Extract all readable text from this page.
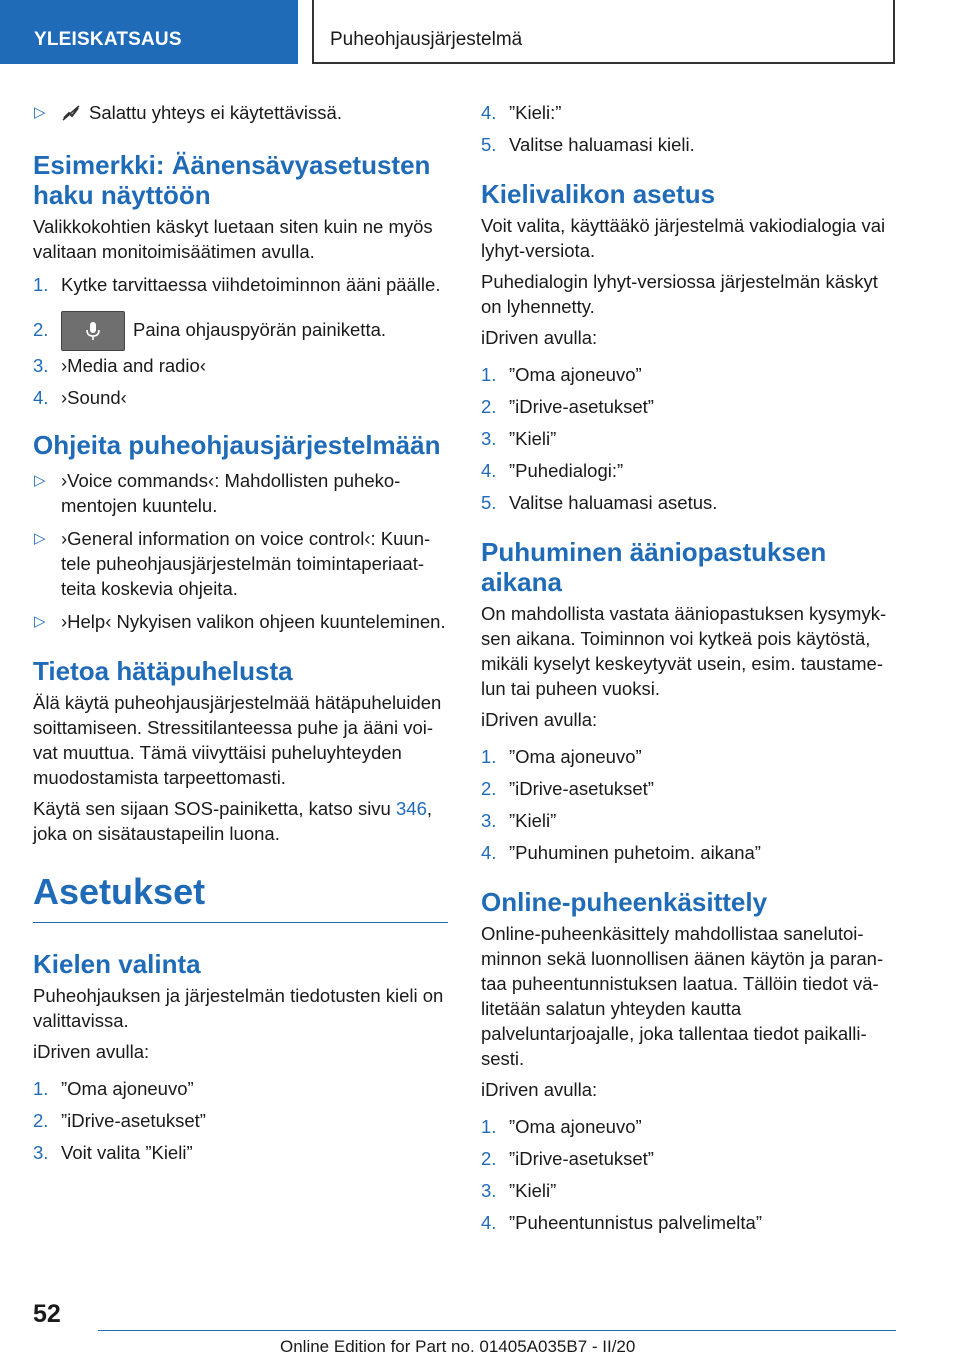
YLEISKATSAUS	Puheohjausjärjestelmä
▷ Salattu yhteys ei käytettävissä.
Esimerkki: Äänensävyasetusten haku näyttöön
Valikkokohtien käskyt luetaan siten kuin ne myös valitaan monitoimisäätimen avulla.
1. Kytke tarvittaessa viihdetoiminnon ääni päälle.
2.	Paina ohjauspyörän painiketta.
3. ›Media and radio‹
4. ›Sound‹
Ohjeita puheohjausjärjestelmään
▷ ›Voice commands‹: Mahdollisten puhekomentojen kuuntelu.
▷ ›General information on voice control‹: Kuuntele puheohjausjärjestelmän toimintaperiaatteita koskevia ohjeita.
▷ ›Help‹ Nykyisen valikon ohjeen kuunteleminen.
Tietoa hätäpuhelusta
Älä käytä puheohjausjärjestelmää hätäpuheluiden soittamiseen. Stressitilanteessa puhe ja ääni voivat muuttua. Tämä viivyttäisi puheluyhteyden muodostamista tarpeettomasti.
Käytä sen sijaan SOS-painiketta, katso sivu 346, joka on sisätaustapeilin luona.
Asetukset
Kielen valinta
Puheohjauksen ja järjestelmän tiedotusten kieli on valittavissa.
iDriven avulla:
1. ”Oma ajoneuvo”
2. ”iDrive-asetukset”
3. Voit valita ”Kieli”
4. ”Kieli:”
5. Valitse haluamasi kieli.
Kielivalikon asetus
Voit valita, käyttääkö järjestelmä vakiodialogia vai lyhyt-versiota.
Puhedialogin lyhyt-versiossa järjestelmän käskyt on lyhennetty.
iDriven avulla:
1. ”Oma ajoneuvo”
2. ”iDrive-asetukset”
3. ”Kieli”
4. ”Puhedialogi:”
5. Valitse haluamasi asetus.
Puhuminen ääniopastuksen aikana
On mahdollista vastata ääniopastuksen kysymyksen aikana. Toiminnon voi kytkeä pois käytöstä, mikäli kyselyt keskeytyvät usein, esim. taustamelun tai puheen vuoksi.
iDriven avulla:
1. ”Oma ajoneuvo”
2. ”iDrive-asetukset”
3. ”Kieli”
4. ”Puhuminen puhetoim. aikana”
Online-puheenkäsittely
Online-puheenkäsittely mahdollistaa sanelutoiminnon sekä luonnollisen äänen käytön ja parantaa puheentunnistuksen laatua. Tällöin tiedot välitetään salatun yhteyden kautta palveluntarjoajalle, joka tallentaa tiedot paikallisesti.
iDriven avulla:
1. ”Oma ajoneuvo”
2. ”iDrive-asetukset”
3. ”Kieli”
4. ”Puheentunnistus palvelimelta”
52
Online Edition for Part no. 01405A035B7 - II/20
